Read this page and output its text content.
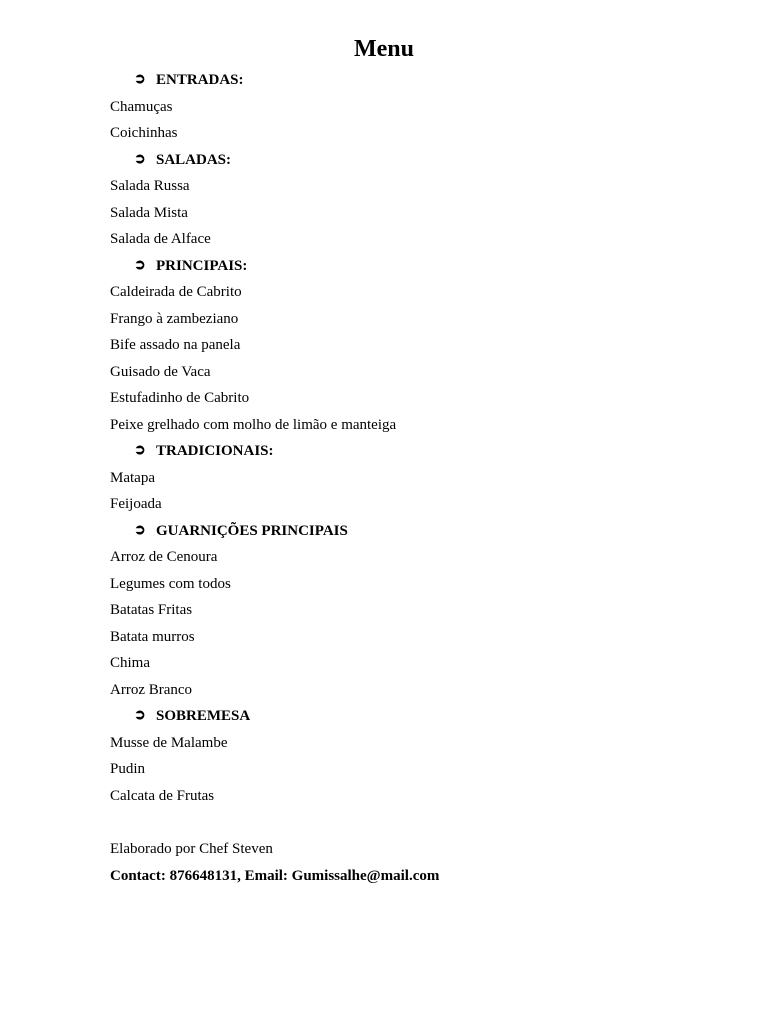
Menu
➲ ENTRADAS:
Chamuças
Coichinhas
➲ SALADAS:
Salada Russa
Salada Mista
Salada de Alface
➲ PRINCIPAIS:
Caldeirada de Cabrito
Frango à zambeziano
Bife assado na panela
Guisado de Vaca
Estufadinho de Cabrito
Peixe grelhado com molho de limão e manteiga
➲ TRADICIONAIS:
Matapa
Feijoada
➲ GUARNIÇÕES PRINCIPAIS
Arroz de Cenoura
Legumes com todos
Batatas Fritas
Batata murros
Chima
Arroz Branco
➲ SOBREMESA
Musse de Malambe
Pudin
Calcata de Frutas
Elaborado por Chef Steven
Contact: 876648131, Email: Gumissalhe@mail.com
